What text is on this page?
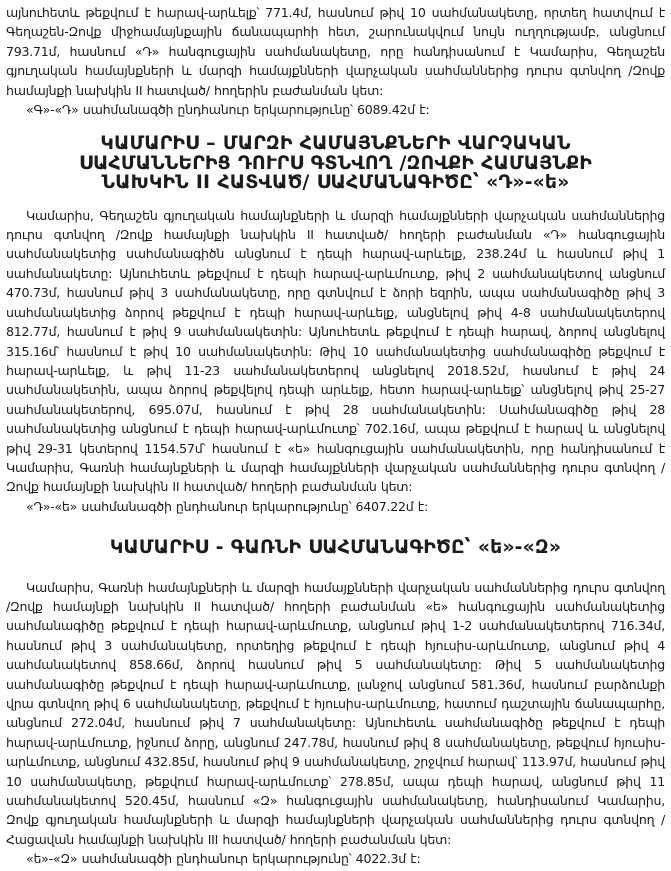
այնուհետև թեքվում է հարավ-արևելք՝ 771.4մ, հասնում թիվ 10 սահմանակետը, որտեղ հատվում է Գեղաշեն-Զովք միջհամայնքային ճանապարհի հետ, շարունակվում նույն ուղղությամբ, անցնում 793.71մ, հասնում «Դ» հանգուցային սահմանակետը, որը հանդիսանում է Կամարիս, Գեղաշեն գյուղական համայնքների և մարզի համայքնների վարչական սահմաններից դուրս գտնվող /Զովք համայնքի նախկին II հատված/ հողերին բաժանման կետ:

«Գ»-«Դ» սահմանագծի ընդհանուր երկարությունը՝ 6089.42մ է:

ԿԱՄԱՐԻՍ – ՄԱՐԶԻ ՀԱՄԱՅՆՔՆԵՐԻ ՎԱՐՉԱԿԱՆ ՍԱՀՄԱՆՆԵՐԻՑ ԴՈՒՐՍ ԳՏՆՎՈՂ /ԶՈՎՔԻ ՀԱՄԱՅՆՔԻ ՆԱԽԿԻՆ II ՀԱՏՎԱԾ/ ՍԱՀՄԱՆԱԳԻԾԸ՝ «Դ»-«ե»

Կամարիս, Գեղաշեն գյուղական համայնքների և մարզի համայքնների վարչական սահմաններից դուրս գտնվող /Զովք համայնքի նախկին II հատված/ հողերի բաժանման «Դ» հանգուցային սահմանակետից սահմանագիծն անցնում է դեպի հարավ-արևելք, 238.24մ և հասնում թիվ 1 սահմանակետը: Այնուհետև թեքվում է դեպի հարավ-արևմուտք, թիվ 2 սահմանակետով անցնում 470.73մ, հասնում թիվ 3 սահմանակետը, որը գտնվում է ձորի եզրին, ապա սահմանագիծը թիվ 3 սահմանակետից ձորով թեքվում է դեպի հարավ-արևելք, անցնելով թիվ 4-8 սահմանակետերով 812.77մ, հասնում է թիվ 9 սահմանակետին: Այնուհետև թեքվում է դեպի հարավ, ձորով անցնելով 315.16մ՝ հասնում է թիվ 10 սահմանակետին: Թիվ 10 սահմանակետից սահմանագիծը թեքվում է հարավ-արևելք, և թիվ 11-23 սահմանակետերով անցնելով 2018.52մ, հասնում է թիվ 24 սահմանակետին, ապա ձորով թեքվելով դեպի արևելք, հետո հարավ-արևելք՝ անցնելով թիվ 25-27 սահմանակետերով, 695.07մ, հասնում է թիվ 28 սահմանակետին: Սահմանագիծը թիվ 28 սահմանակետից անցնում է դեպի հարավ-արևմուտք՝ 702.16մ, ապա թեքվում է հարավ և անցնելով թիվ 29-31 կետերով 1154.57մ՝ հասնում է «ե» հանգուցային սահմանակետին, որը հանդիսանում է Կամարիս, Գառնի համայնքների և մարզի համայքնների վարչական սահմաններից դուրս գտնվող /Զովք համայնքի նախկին II հատված/ հողերի բաժանման կետ:

«Դ»-«ե» սահմանագծի ընդհանուր երկարությունը՝ 6407.22մ է:

ԿԱՄԱՐԻՍ - ԳԱՌՆԻ ՍԱՀՄԱՆԱԳԻԾԸ՝ «ե»-«Զ»

Կամարիս, Գառնի համայնքների և մարզի համայքնների վարչական սահմաններից դուրս գտնվող /Զովք համայնքի նախկին II հատված/ հողերի բաժանման «ե» հանգուցային սահմանակետից սահմանագիծը թեքվում է դեպի հարավ-արևմուտք, անցնում թիվ 1-2 սահմանակետերով 716.34մ, հասնում թիվ 3 սահմանակետը, որտեղից թեքվում է դեպի հյուսիս-արևմուտք, անցնում թիվ 4 սահմանակետով 858.66մ, ձորով հասնում թիվ 5 սահմանակետը: Թիվ 5 սահմանակետից սահմանագիծը թեքվում է դեպի հարավ-արևմուտք, լանջով անցնում 581.36մ, հասնում բարձունքի վրա գտնվող թիվ 6 սահմանակետը, թեքվում է հյուսիս-արևմուտք, հատում դաշտային ճանապարհը, անցնում 272.04մ, հասնում թիվ 7 սահմանակետը: Այնուհետև սահմանագիծը թեքվում է դեպի հարավ-արևմուտք, իջնում ձորը, անցնում 247.78մ, հասնում թիվ 8 սահմանակետը, թեքվում հյուսիս-արևմուտք, անցնում 432.85մ, հասնում թիվ 9 սահմանակետը, շրջվում հարավ՝ 113.97մ, հասնում թիվ 10 սահմանակետը, թեքվում հարավ-արևմուտք՝ 278.85մ, ապա դեպի հարավ, անցնում թիվ 11 սահմանակետով 520.45մ, հասնում «Զ» հանգուցային սահմանակետը, հանդիսանում Կամարիս, Զովք գյուղական համայնքների և մարզի համայնքների վարչական սահմաններից դուրս գտնվող /Հացավան համայնքի նախկին III հատված/ հողերի բաժանման կետ:

«ե»-«Զ» սահմանագծի ընդհանուր երկարությունը՝ 4022.3մ է:
